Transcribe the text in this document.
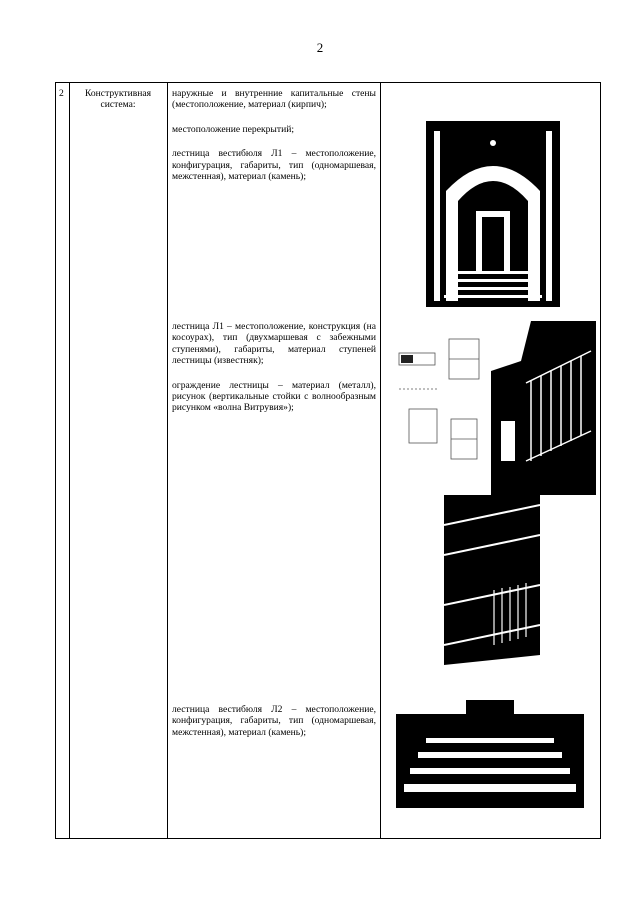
2
2	Конструктивная система:

наружные и внутренние капитальные стены (местоположение, материал (кирпич);

местоположение перекрытий;

лестница вестибюля Л1 – местоположение, конфигурация, габариты, тип (одномаршевая, межстенная), материал (камень);

лестница Л1 – местоположение, конструкция (на косоурах), тип (двухмаршевая с забежными ступенями), габариты, материал ступеней лестницы (известняк);

ограждение лестницы – материал (металл), рисунок (вертикальные стойки с волнообразным рисунком «волна Витрувия»);

лестница вестибюля Л2 – местоположение, конфигурация, габариты, тип (одномаршевая, межстенная), материал (камень);
